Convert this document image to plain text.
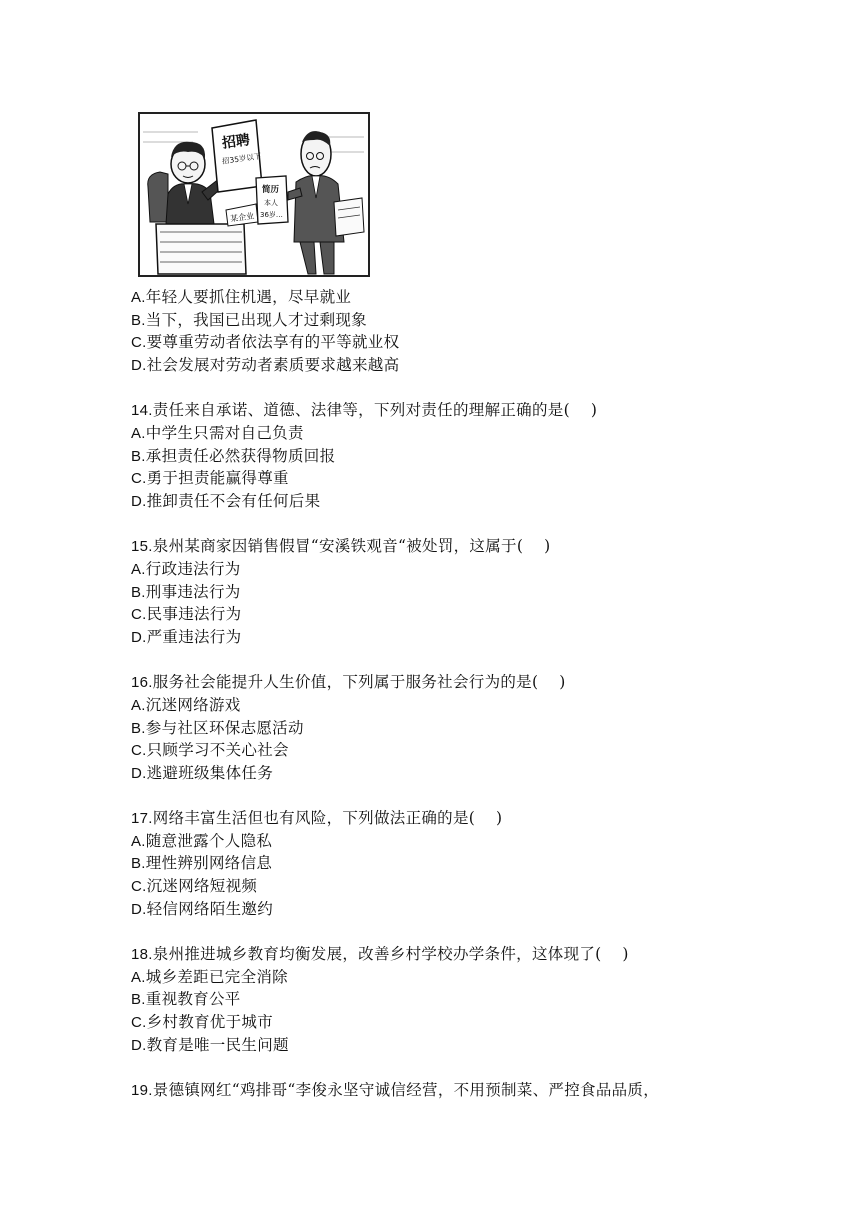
某企业
招聘
招35岁以下
简历
本人
36岁…
A.年轻人要抓住机遇，尽早就业
B.当下，我国已出现人才过剩现象
C.要尊重劳动者依法享有的平等就业权
D.社会发展对劳动者素质要求越来越高
14.责任来自承诺、道德、法律等，下列对责任的理解正确的是(    )
A.中学生只需对自己负责
B.承担责任必然获得物质回报
C.勇于担责能赢得尊重
D.推卸责任不会有任何后果
15.泉州某商家因销售假冒“安溪铁观音“被处罚，这属于(    )
A.行政违法行为
B.刑事违法行为
C.民事违法行为
D.严重违法行为
16.服务社会能提升人生价值，下列属于服务社会行为的是(    )
A.沉迷网络游戏
B.参与社区环保志愿活动
C.只顾学习不关心社会
D.逃避班级集体任务
17.网络丰富生活但也有风险，下列做法正确的是(    )
A.随意泄露个人隐私
B.理性辨别网络信息
C.沉迷网络短视频
D.轻信网络陌生邀约
18.泉州推进城乡教育均衡发展，改善乡村学校办学条件，这体现了(    )
A.城乡差距已完全消除
B.重视教育公平
C.乡村教育优于城市
D.教育是唯一民生问题
19.景德镇网红“鸡排哥“李俊永坚守诚信经营，不用预制菜、严控食品品质，
